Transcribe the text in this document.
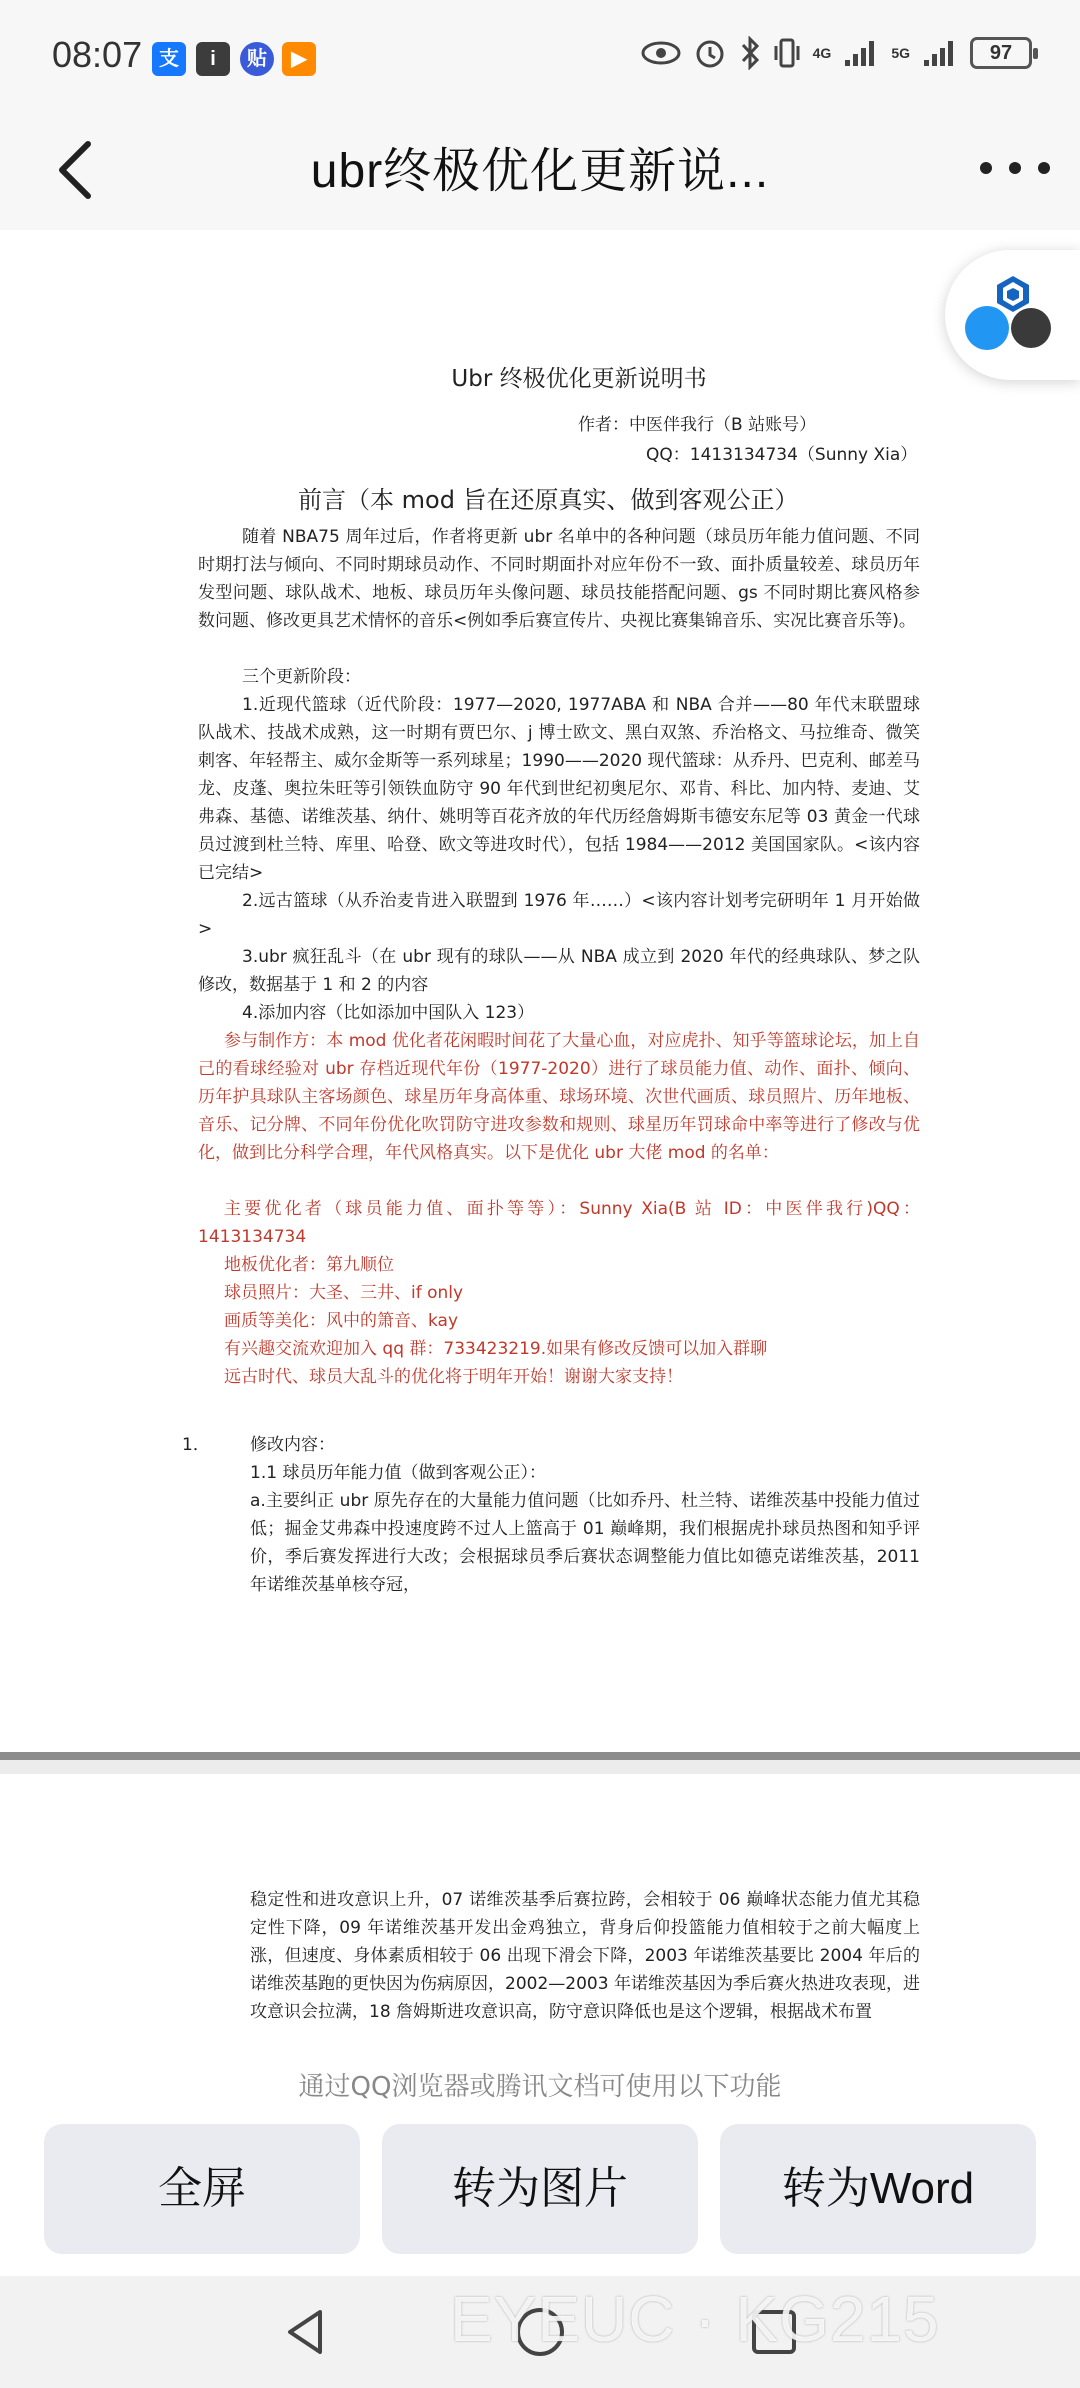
08:07 支	i	贴	▶	4G	5G	97
ubr终极优化更新说...
Ubr 终极优化更新说明书
作者：中医伴我行（B 站账号）
QQ：1413134734（Sunny Xia）
前言（本 mod 旨在还原真实、做到客观公正）
随着 NBA75 周年过后，作者将更新 ubr 名单中的各种问题（球员历年能力值问题、不同时期打法与倾向、不同时期球员动作、不同时期面扑对应年份不一致、面扑质量较差、球员历年发型问题、球队战术、地板、球员历年头像问题、球员技能搭配问题、gs 不同时期比赛风格参数问题、修改更具艺术情怀的音乐<例如季后赛宣传片、央视比赛集锦音乐、实况比赛音乐等)。
三个更新阶段：
1.近现代篮球（近代阶段：1977—2020, 1977ABA 和 NBA 合并——80 年代末联盟球队战术、技战术成熟，这一时期有贾巴尔、j 博士欧文、黑白双煞、乔治格文、马拉维奇、微笑刺客、年轻帮主、威尔金斯等一系列球星；1990——2020 现代篮球：从乔丹、巴克利、邮差马龙、皮蓬、奥拉朱旺等引领铁血防守 90 年代到世纪初奥尼尔、邓肯、科比、加内特、麦迪、艾弗森、基德、诺维茨基、纳什、姚明等百花齐放的年代历经詹姆斯韦德安东尼等 03 黄金一代球员过渡到杜兰特、库里、哈登、欧文等进攻时代），包括 1984——2012 美国国家队。<该内容已完结>
2.远古篮球（从乔治麦肯进入联盟到 1976 年……）<该内容计划考完研明年 1 月开始做>
3.ubr 疯狂乱斗（在 ubr 现有的球队——从 NBA 成立到 2020 年代的经典球队、梦之队修改，数据基于 1 和 2 的内容
4.添加内容（比如添加中国队入 123）
参与制作方：本 mod 优化者花闲暇时间花了大量心血，对应虎扑、知乎等篮球论坛，加上自己的看球经验对 ubr 存档近现代年份（1977-2020）进行了球员能力值、动作、面扑、倾向、历年护具球队主客场颜色、球星历年身高体重、球场环境、次世代画质、球员照片、历年地板、音乐、记分牌、不同年份优化吹罚防守进攻参数和规则、球星历年罚球命中率等进行了修改与优化，做到比分科学合理，年代风格真实。以下是优化 ubr 大佬 mod 的名单：
主要优化者（球员能力值、面扑等等）：Sunny Xia(B 站 ID：中医伴我行)QQ：1413134734
地板优化者：第九顺位
球员照片：大圣、三井、if only
画质等美化：风中的箫音、kay
有兴趣交流欢迎加入 qq 群：733423219.如果有修改反馈可以加入群聊
远古时代、球员大乱斗的优化将于明年开始！谢谢大家支持！
1． 修改内容：
1.1 球员历年能力值（做到客观公正）：
a.主要纠正 ubr 原先存在的大量能力值问题（比如乔丹、杜兰特、诺维茨基中投能力值过低；掘金艾弗森中投速度跨不过人上篮高于 01 巅峰期，我们根据虎扑球员热图和知乎评价，季后赛发挥进行大改；会根据球员季后赛状态调整能力值比如德克诺维茨基，2011 年诺维茨基单核夺冠，
稳定性和进攻意识上升，07 诺维茨基季后赛拉跨，会相较于 06 巅峰状态能力值尤其稳定性下降，09 年诺维茨基开发出金鸡独立，背身后仰投篮能力值相较于之前大幅度上涨，但速度、身体素质相较于 06 出现下滑会下降，2003 年诺维茨基要比 2004 年后的诺维茨基跑的更快因为伤病原因，2002—2003 年诺维茨基因为季后赛火热进攻表现，进攻意识会拉满，18 詹姆斯进攻意识高，防守意识降低也是这个逻辑，根据战术布置
通过QQ浏览器或腾讯文档可使用以下功能
全屏	转为图片	转为Word
EYEUC · KG215
